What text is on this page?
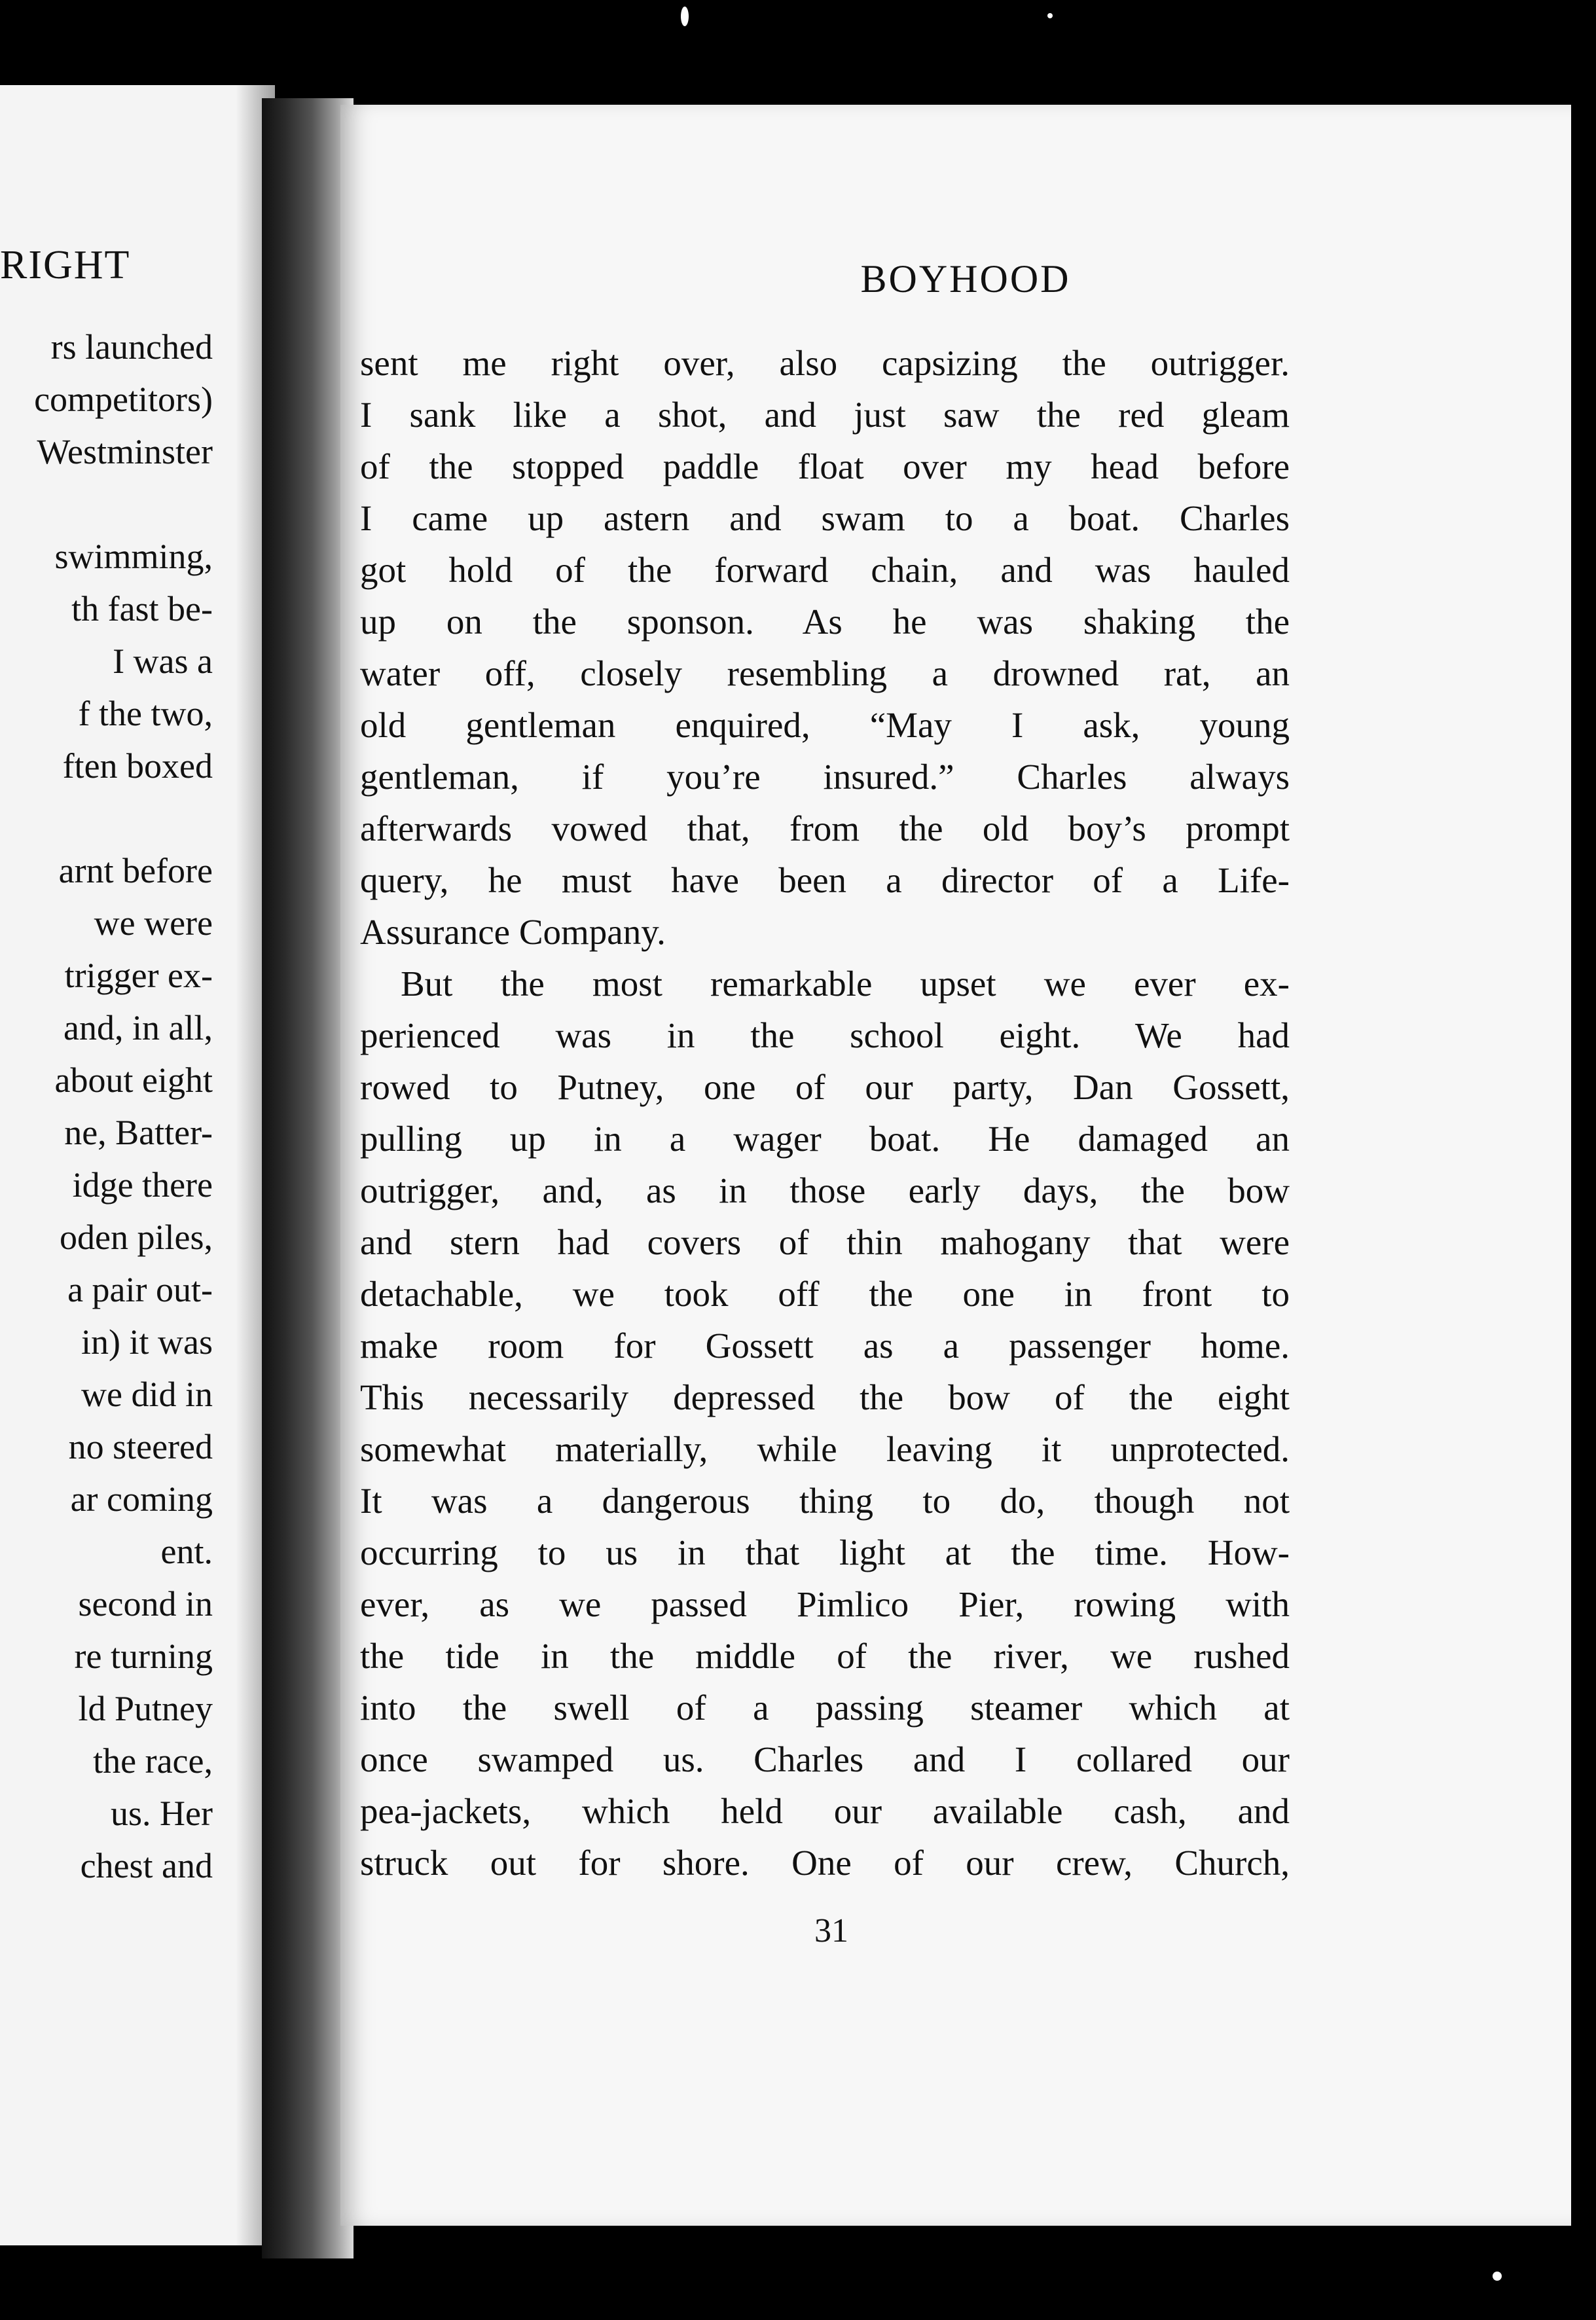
RIGHT
rs launched
competitors)
Westminster
swimming,
th fast be-
I was a
f the two,
ften boxed
arnt before
we were
trigger ex-
and, in all,
about eight
ne, Batter-
idge there
oden piles,
a pair out-
in) it was
we did in
no steered
ar coming
ent.
second in
re turning
ld Putney
the race,
us. Her
chest and
BOYHOOD
sent me right over, also capsizing the outrigger.
I sank like a shot, and just saw the red gleam
of the stopped paddle float over my head before
I came up astern and swam to a boat. Charles
got hold of the forward chain, and was hauled
up on the sponson. As he was shaking the
water off, closely resembling a drowned rat, an
old gentleman enquired, “May I ask, young
gentleman, if you’re insured.” Charles always
afterwards vowed that, from the old boy’s prompt
query, he must have been a director of a Life-
Assurance Company.
But the most remarkable upset we ever ex-
perienced was in the school eight. We had
rowed to Putney, one of our party, Dan Gossett,
pulling up in a wager boat. He damaged an
outrigger, and, as in those early days, the bow
and stern had covers of thin mahogany that were
detachable, we took off the one in front to
make room for Gossett as a passenger home.
This necessarily depressed the bow of the eight
somewhat materially, while leaving it unprotected.
It was a dangerous thing to do, though not
occurring to us in that light at the time. How-
ever, as we passed Pimlico Pier, rowing with
the tide in the middle of the river, we rushed
into the swell of a passing steamer which at
once swamped us. Charles and I collared our
pea-jackets, which held our available cash, and
struck out for shore. One of our crew, Church,
31
